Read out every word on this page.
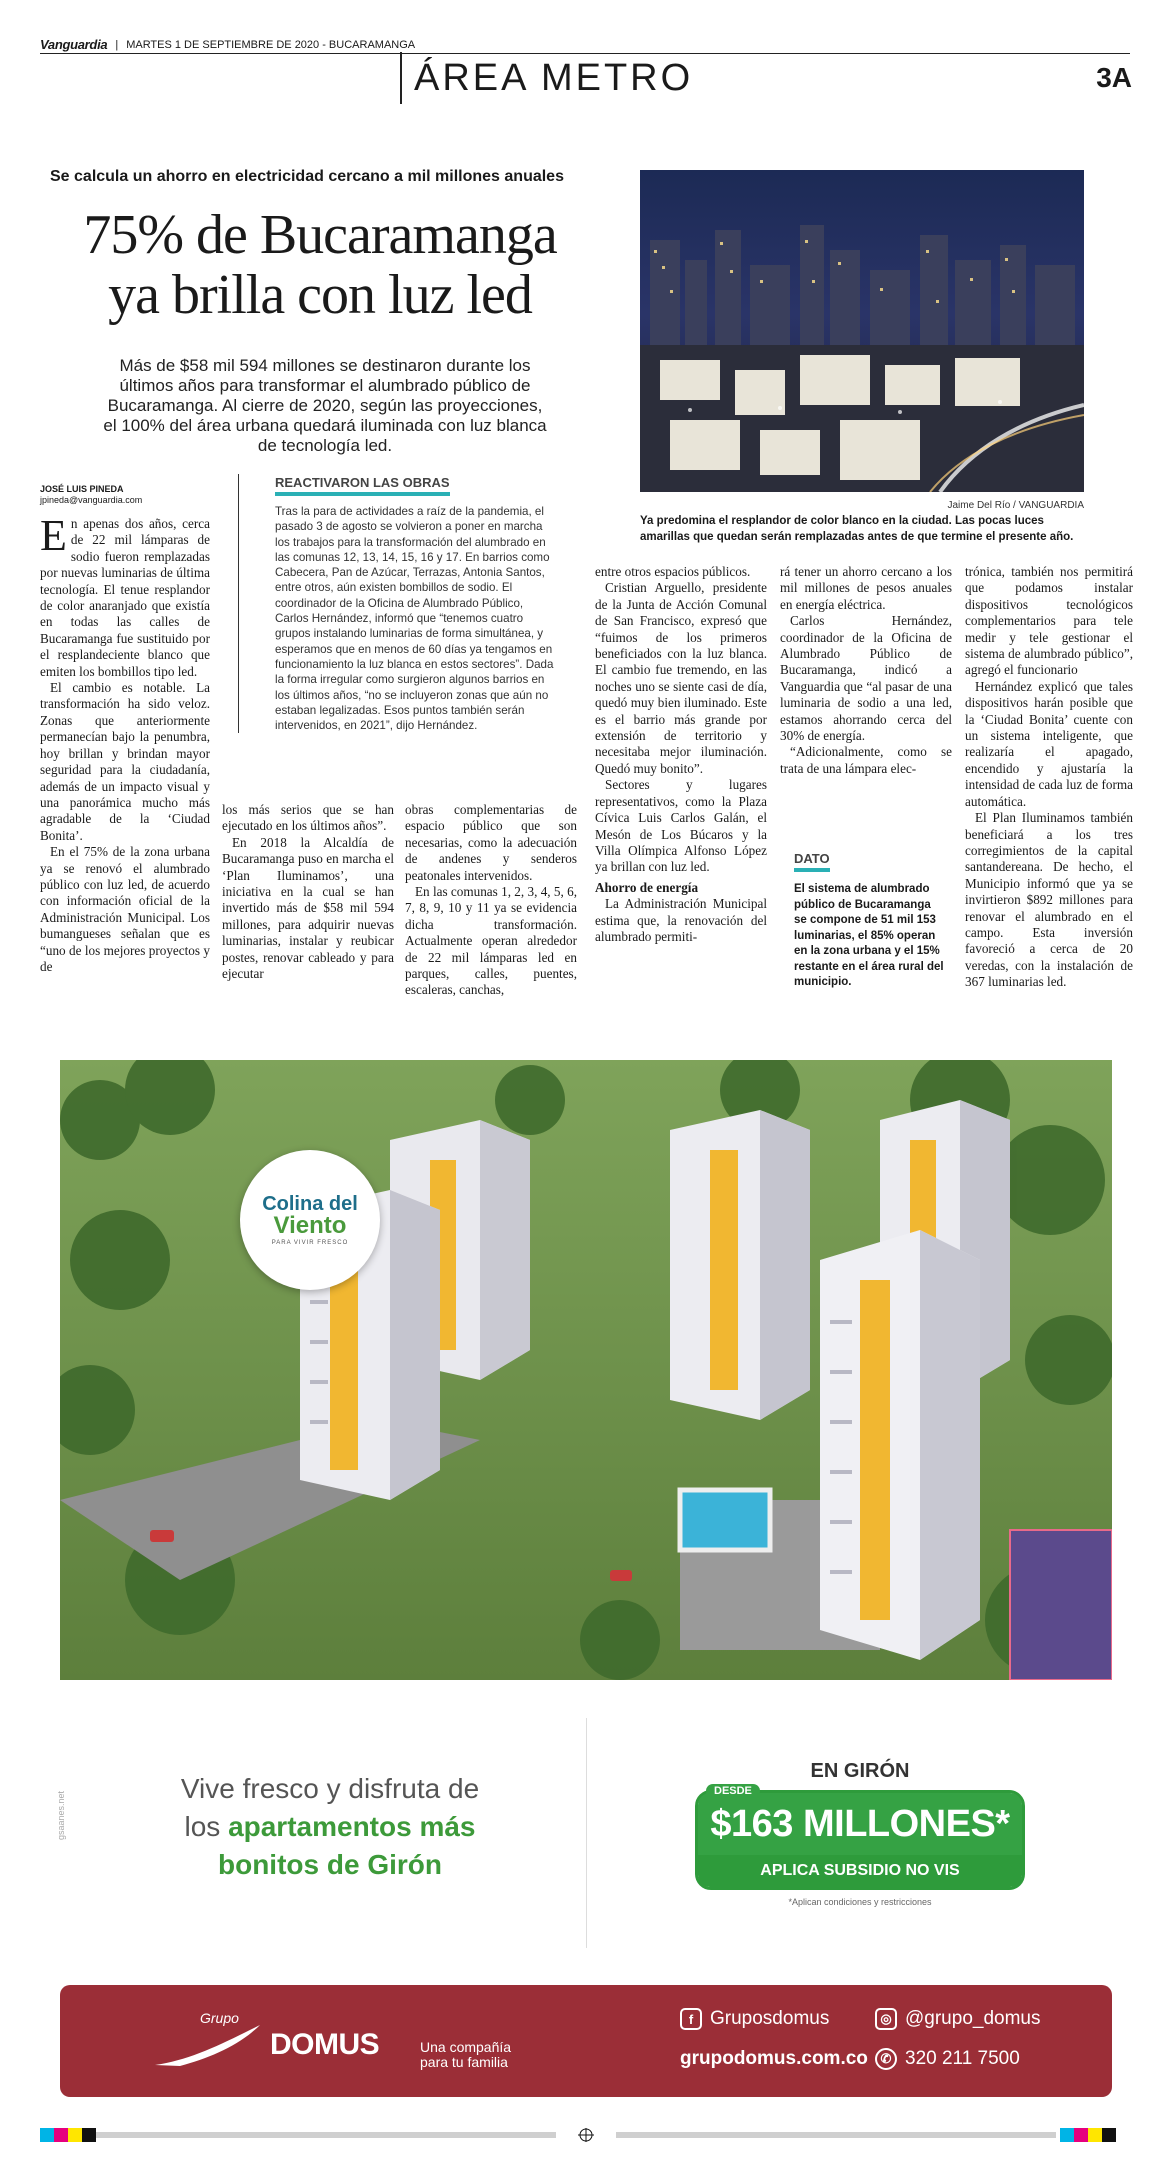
Vanguardia | MARTES 1 DE SEPTIEMBRE DE 2020 - BUCARAMANGA
ÁREA METRO	3A
Se calcula un ahorro en electricidad cercano a mil millones anuales
75% de Bucaramanga
ya brilla con luz led
Más de $58 mil 594 millones se destinaron durante los últimos años para transformar el alumbrado público de Bucaramanga. Al cierre de 2020, según las proyecciones, el 100% del área urbana quedará iluminada con luz blanca de tecnología led.
Jaime Del Río / VANGUARDIA
Ya predomina el resplandor de color blanco en la ciudad. Las pocas luces amarillas que quedan serán remplazadas antes de que termine el presente año.
JOSÉ LUIS PINEDA
jpineda@vanguardia.com

En apenas dos años, cerca de 22 mil lámparas de sodio fueron remplazadas por nuevas luminarias de última tecnología. El tenue resplandor de color anaranjado que existía en todas las calles de Bucaramanga fue sustituido por el resplandeciente blanco que emiten los bombillos tipo led.

El cambio es notable. La transformación ha sido veloz. Zonas que anteriormente permanecían bajo la penumbra, hoy brillan y brindan mayor seguridad para la ciudadanía, además de un impacto visual y una panorámica mucho más agradable de la ‘Ciudad Bonita’.

En el 75% de la zona urbana ya se renovó el alumbrado público con luz led, de acuerdo con información oficial de la Administración Municipal. Los bumangueses señalan que es “uno de los mejores proyectos y de

REACTIVARON LAS OBRAS
Tras la para de actividades a raíz de la pandemia, el pasado 3 de agosto se volvieron a poner en marcha los trabajos para la transformación del alumbrado en las comunas 12, 13, 14, 15, 16 y 17. En barrios como Cabecera, Pan de Azúcar, Terrazas, Antonia Santos, entre otros, aún existen bombillos de sodio. El coordinador de la Oficina de Alumbrado Público, Carlos Hernández, informó que “tenemos cuatro grupos instalando luminarias de forma simultánea, y esperamos que en menos de 60 días ya tengamos en funcionamiento la luz blanca en estos sectores”. Dada la forma irregular como surgieron algunos barrios en los últimos años, “no se incluyeron zonas que aún no estaban legalizadas. Esos puntos también serán intervenidos, en 2021”, dijo Hernández.

los más serios que se han ejecutado en los últimos años”.

En 2018 la Alcaldía de Bucaramanga puso en marcha el ‘Plan Iluminamos’, una iniciativa en la cual se han invertido más de $58 mil 594 millones, para adquirir nuevas luminarias, instalar y reubicar postes, renovar cableado y para ejecutar

obras complementarias de espacio público que son necesarias, como la adecuación de andenes y senderos peatonales intervenidos.

En las comunas 1, 2, 3, 4, 5, 6, 7, 8, 9, 10 y 11 ya se evidencia dicha transformación. Actualmente operan alrededor de 22 mil lámparas led en parques, calles, puentes, escaleras, canchas,

entre otros espacios públicos.

Cristian Arguello, presidente de la Junta de Acción Comunal de San Francisco, expresó que “fuimos de los primeros beneficiados con la luz blanca. El cambio fue tremendo, en las noches uno se siente casi de día, quedó muy bien iluminado. Este es el barrio más grande por extensión de territorio y necesitaba mejor iluminación. Quedó muy bonito”.

Sectores y lugares representativos, como la Plaza Cívica Luis Carlos Galán, el Mesón de Los Búcaros y la Villa Olímpica Alfonso López ya brillan con luz led.

Ahorro de energía

La Administración Municipal estima que, la renovación del alumbrado permiti-

rá tener un ahorro cercano a los mil millones de pesos anuales en energía eléctrica.

Carlos Hernández, coordinador de la Oficina de Alumbrado Público de Bucaramanga, indicó a Vanguardia que “al pasar de una luminaria de sodio a una led, estamos ahorrando cerca del 30% de energía.

“Adicionalmente, como se trata de una lámpara elec-

DATO
El sistema de alumbrado público de Bucaramanga se compone de 51 mil 153 luminarias, el 85% operan en la zona urbana y el 15% restante en el área rural del municipio.

trónica, también nos permitirá que podamos instalar dispositivos tecnológicos complementarios para tele medir y tele gestionar el sistema de alumbrado público”, agregó el funcionario

Hernández explicó que tales dispositivos harán posible que la ‘Ciudad Bonita’ cuente con un sistema inteligente, que realizaría el apagado, encendido y ajustaría la intensidad de cada luz de forma automática.

El Plan Iluminamos también beneficiará a los tres corregimientos de la capital santandereana. De hecho, el Municipio informó que ya se invirtieron $892 millones para renovar el alumbrado en el campo. Esta inversión favoreció a cerca de 20 veredas, con la instalación de 367 luminarias led.

Colina del
Viento
PARA VIVIR FRESCO
gsaanes.net
Vive fresco y disfruta de
los apartamentos más
bonitos de Girón
EN GIRÓN
$163 MILLONES*
DESDE
APLICA SUBSIDIO NO VIS
*Aplican condiciones y restricciones
Grupo
DOMUS	Una compañía para tu familia
f Gruposdomus	◎ @grupo_domus
grupodomus.com.co ✆ 320 211 7500
